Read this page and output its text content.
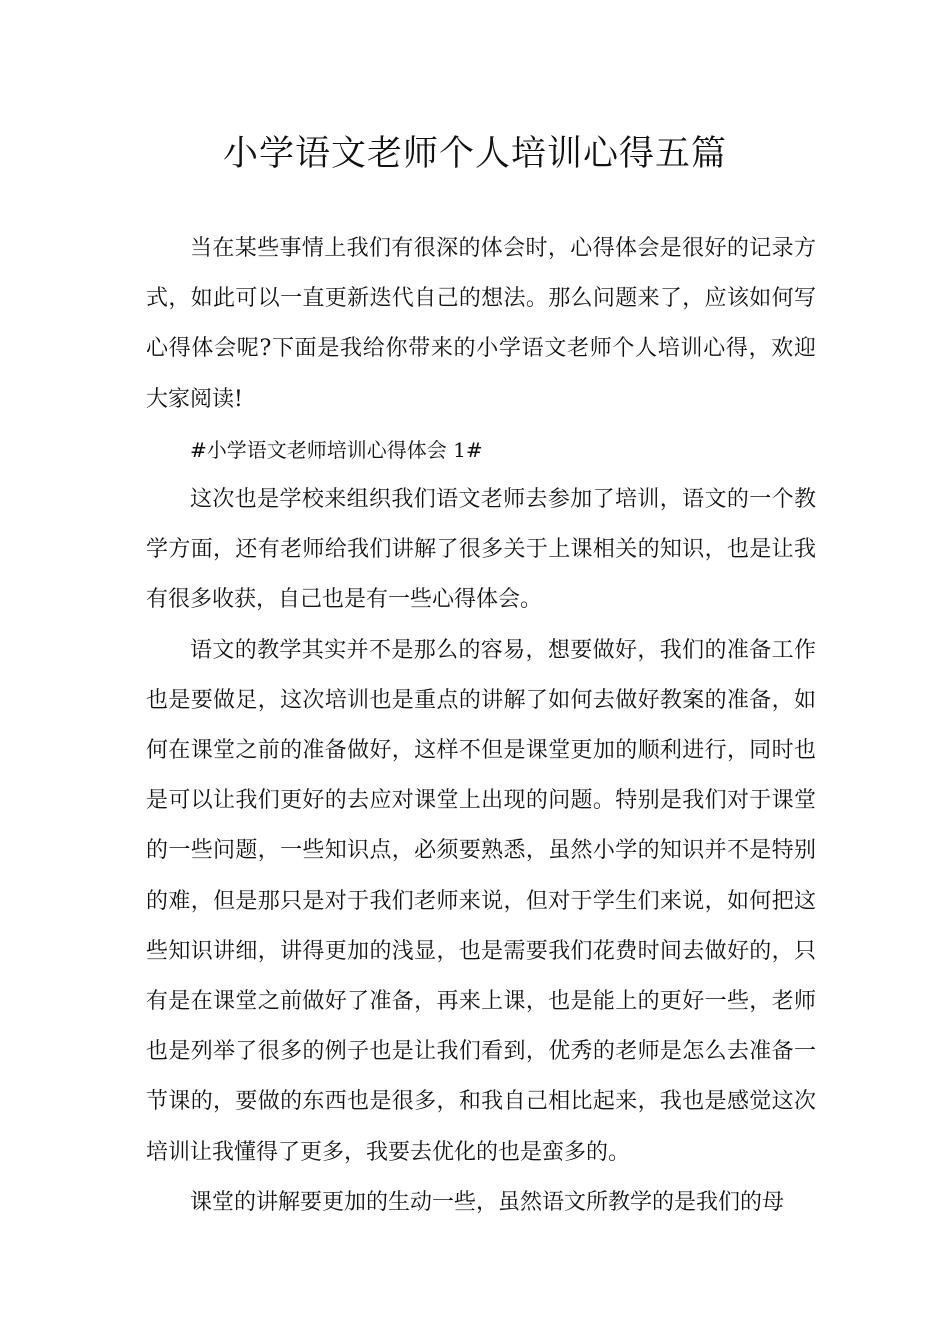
小学语文老师个人培训心得五篇

当在某些事情上我们有很深的体会时，心得体会是很好的记录方式，如此可以一直更新迭代自己的想法。那么问题来了，应该如何写心得体会呢?下面是我给你带来的小学语文老师个人培训心得，欢迎大家阅读!

#小学语文老师培训心得体会 1#

这次也是学校来组织我们语文老师去参加了培训，语文的一个教学方面，还有老师给我们讲解了很多关于上课相关的知识，也是让我有很多收获，自己也是有一些心得体会。

语文的教学其实并不是那么的容易，想要做好，我们的准备工作也是要做足，这次培训也是重点的讲解了如何去做好教案的准备，如何在课堂之前的准备做好，这样不但是课堂更加的顺利进行，同时也是可以让我们更好的去应对课堂上出现的问题。特别是我们对于课堂的一些问题，一些知识点，必须要熟悉，虽然小学的知识并不是特别的难，但是那只是对于我们老师来说，但对于学生们来说，如何把这些知识讲细，讲得更加的浅显，也是需要我们花费时间去做好的，只有是在课堂之前做好了准备，再来上课，也是能上的更好一些，老师也是列举了很多的例子也是让我们看到，优秀的老师是怎么去准备一节课的，要做的东西也是很多，和我自己相比起来，我也是感觉这次培训让我懂得了更多，我要去优化的也是蛮多的。

课堂的讲解要更加的生动一些，虽然语文所教学的是我们的母
